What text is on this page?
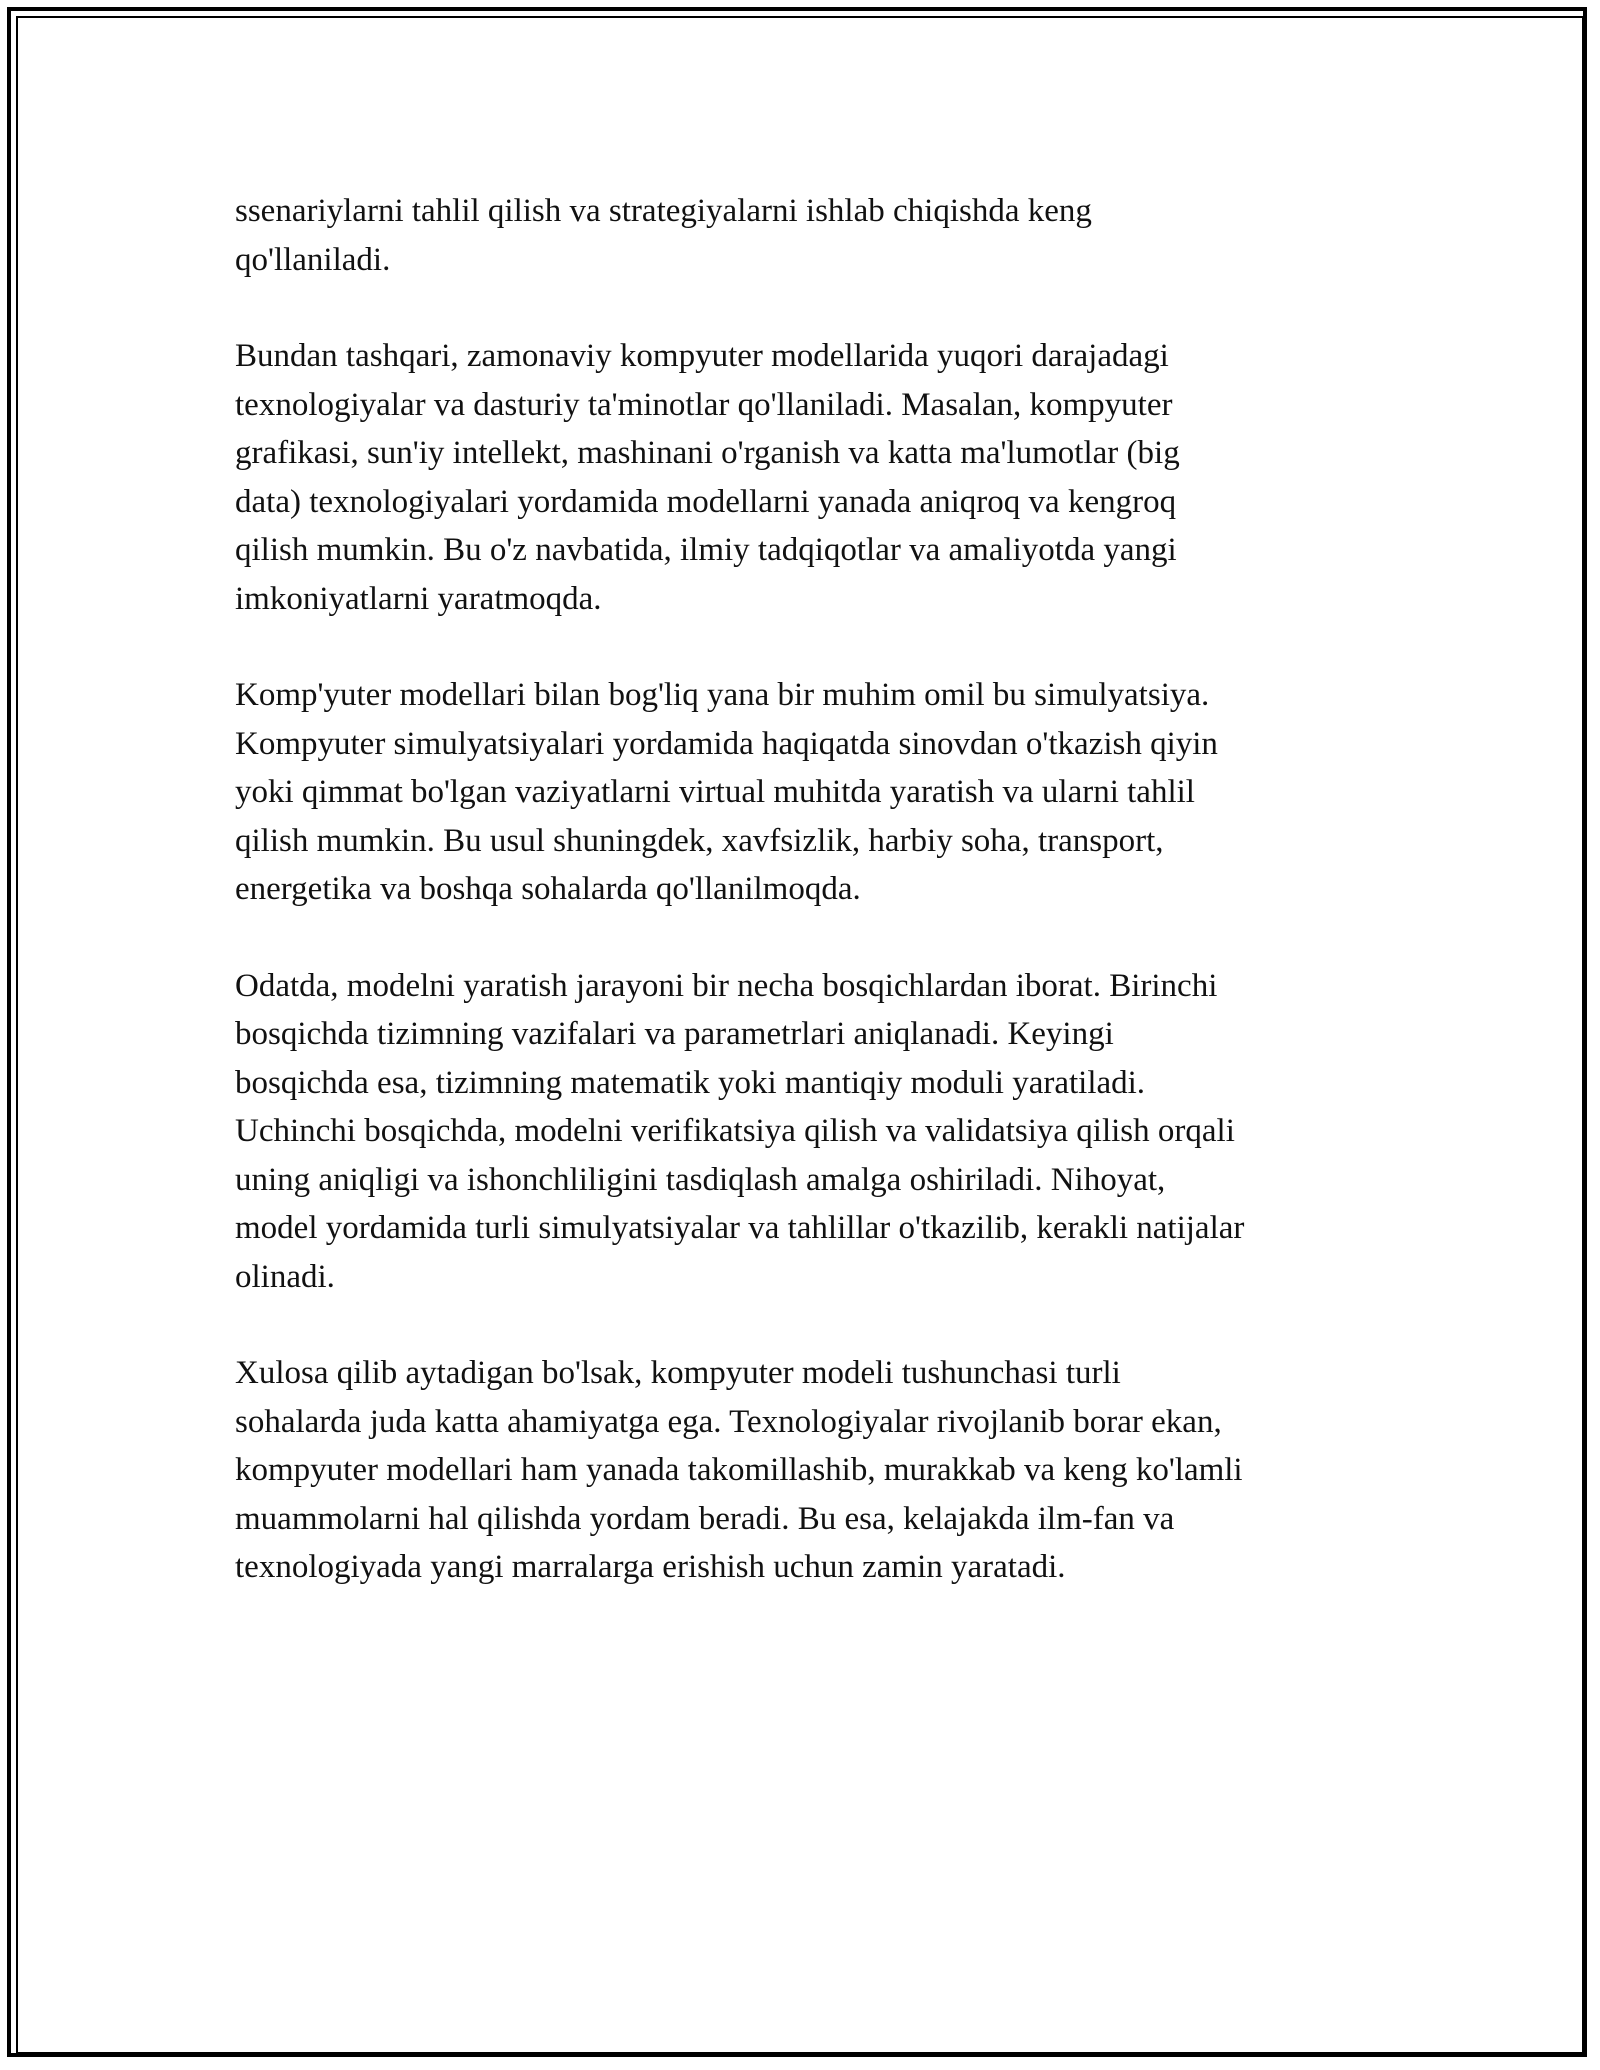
ssenariylarni tahlil qilish va strategiyalarni ishlab chiqishda keng
qo'llaniladi.

Bundan tashqari, zamonaviy kompyuter modellarida yuqori darajadagi
texnologiyalar va dasturiy ta'minotlar qo'llaniladi. Masalan, kompyuter
grafikasi, sun'iy intellekt, mashinani o'rganish va katta ma'lumotlar (big
data) texnologiyalari yordamida modellarni yanada aniqroq va kengroq
qilish mumkin. Bu o'z navbatida, ilmiy tadqiqotlar va amaliyotda yangi
imkoniyatlarni yaratmoqda.

Komp'yuter modellari bilan bog'liq yana bir muhim omil bu simulyatsiya.
Kompyuter simulyatsiyalari yordamida haqiqatda sinovdan o'tkazish qiyin
yoki qimmat bo'lgan vaziyatlarni virtual muhitda yaratish va ularni tahlil
qilish mumkin. Bu usul shuningdek, xavfsizlik, harbiy soha, transport,
energetika va boshqa sohalarda qo'llanilmoqda.

Odatda, modelni yaratish jarayoni bir necha bosqichlardan iborat. Birinchi
bosqichda tizimning vazifalari va parametrlari aniqlanadi. Keyingi
bosqichda esa, tizimning matematik yoki mantiqiy moduli yaratiladi.
Uchinchi bosqichda, modelni verifikatsiya qilish va validatsiya qilish orqali
uning aniqligi va ishonchliligini tasdiqlash amalga oshiriladi. Nihoyat,
model yordamida turli simulyatsiyalar va tahlillar o'tkazilib, kerakli natijalar
olinadi.

Xulosa qilib aytadigan bo'lsak, kompyuter modeli tushunchasi turli
sohalarda juda katta ahamiyatga ega. Texnologiyalar rivojlanib borar ekan,
kompyuter modellari ham yanada takomillashib, murakkab va keng ko'lamli
muammolarni hal qilishda yordam beradi. Bu esa, kelajakda ilm-fan va
texnologiyada yangi marralarga erishish uchun zamin yaratadi.
